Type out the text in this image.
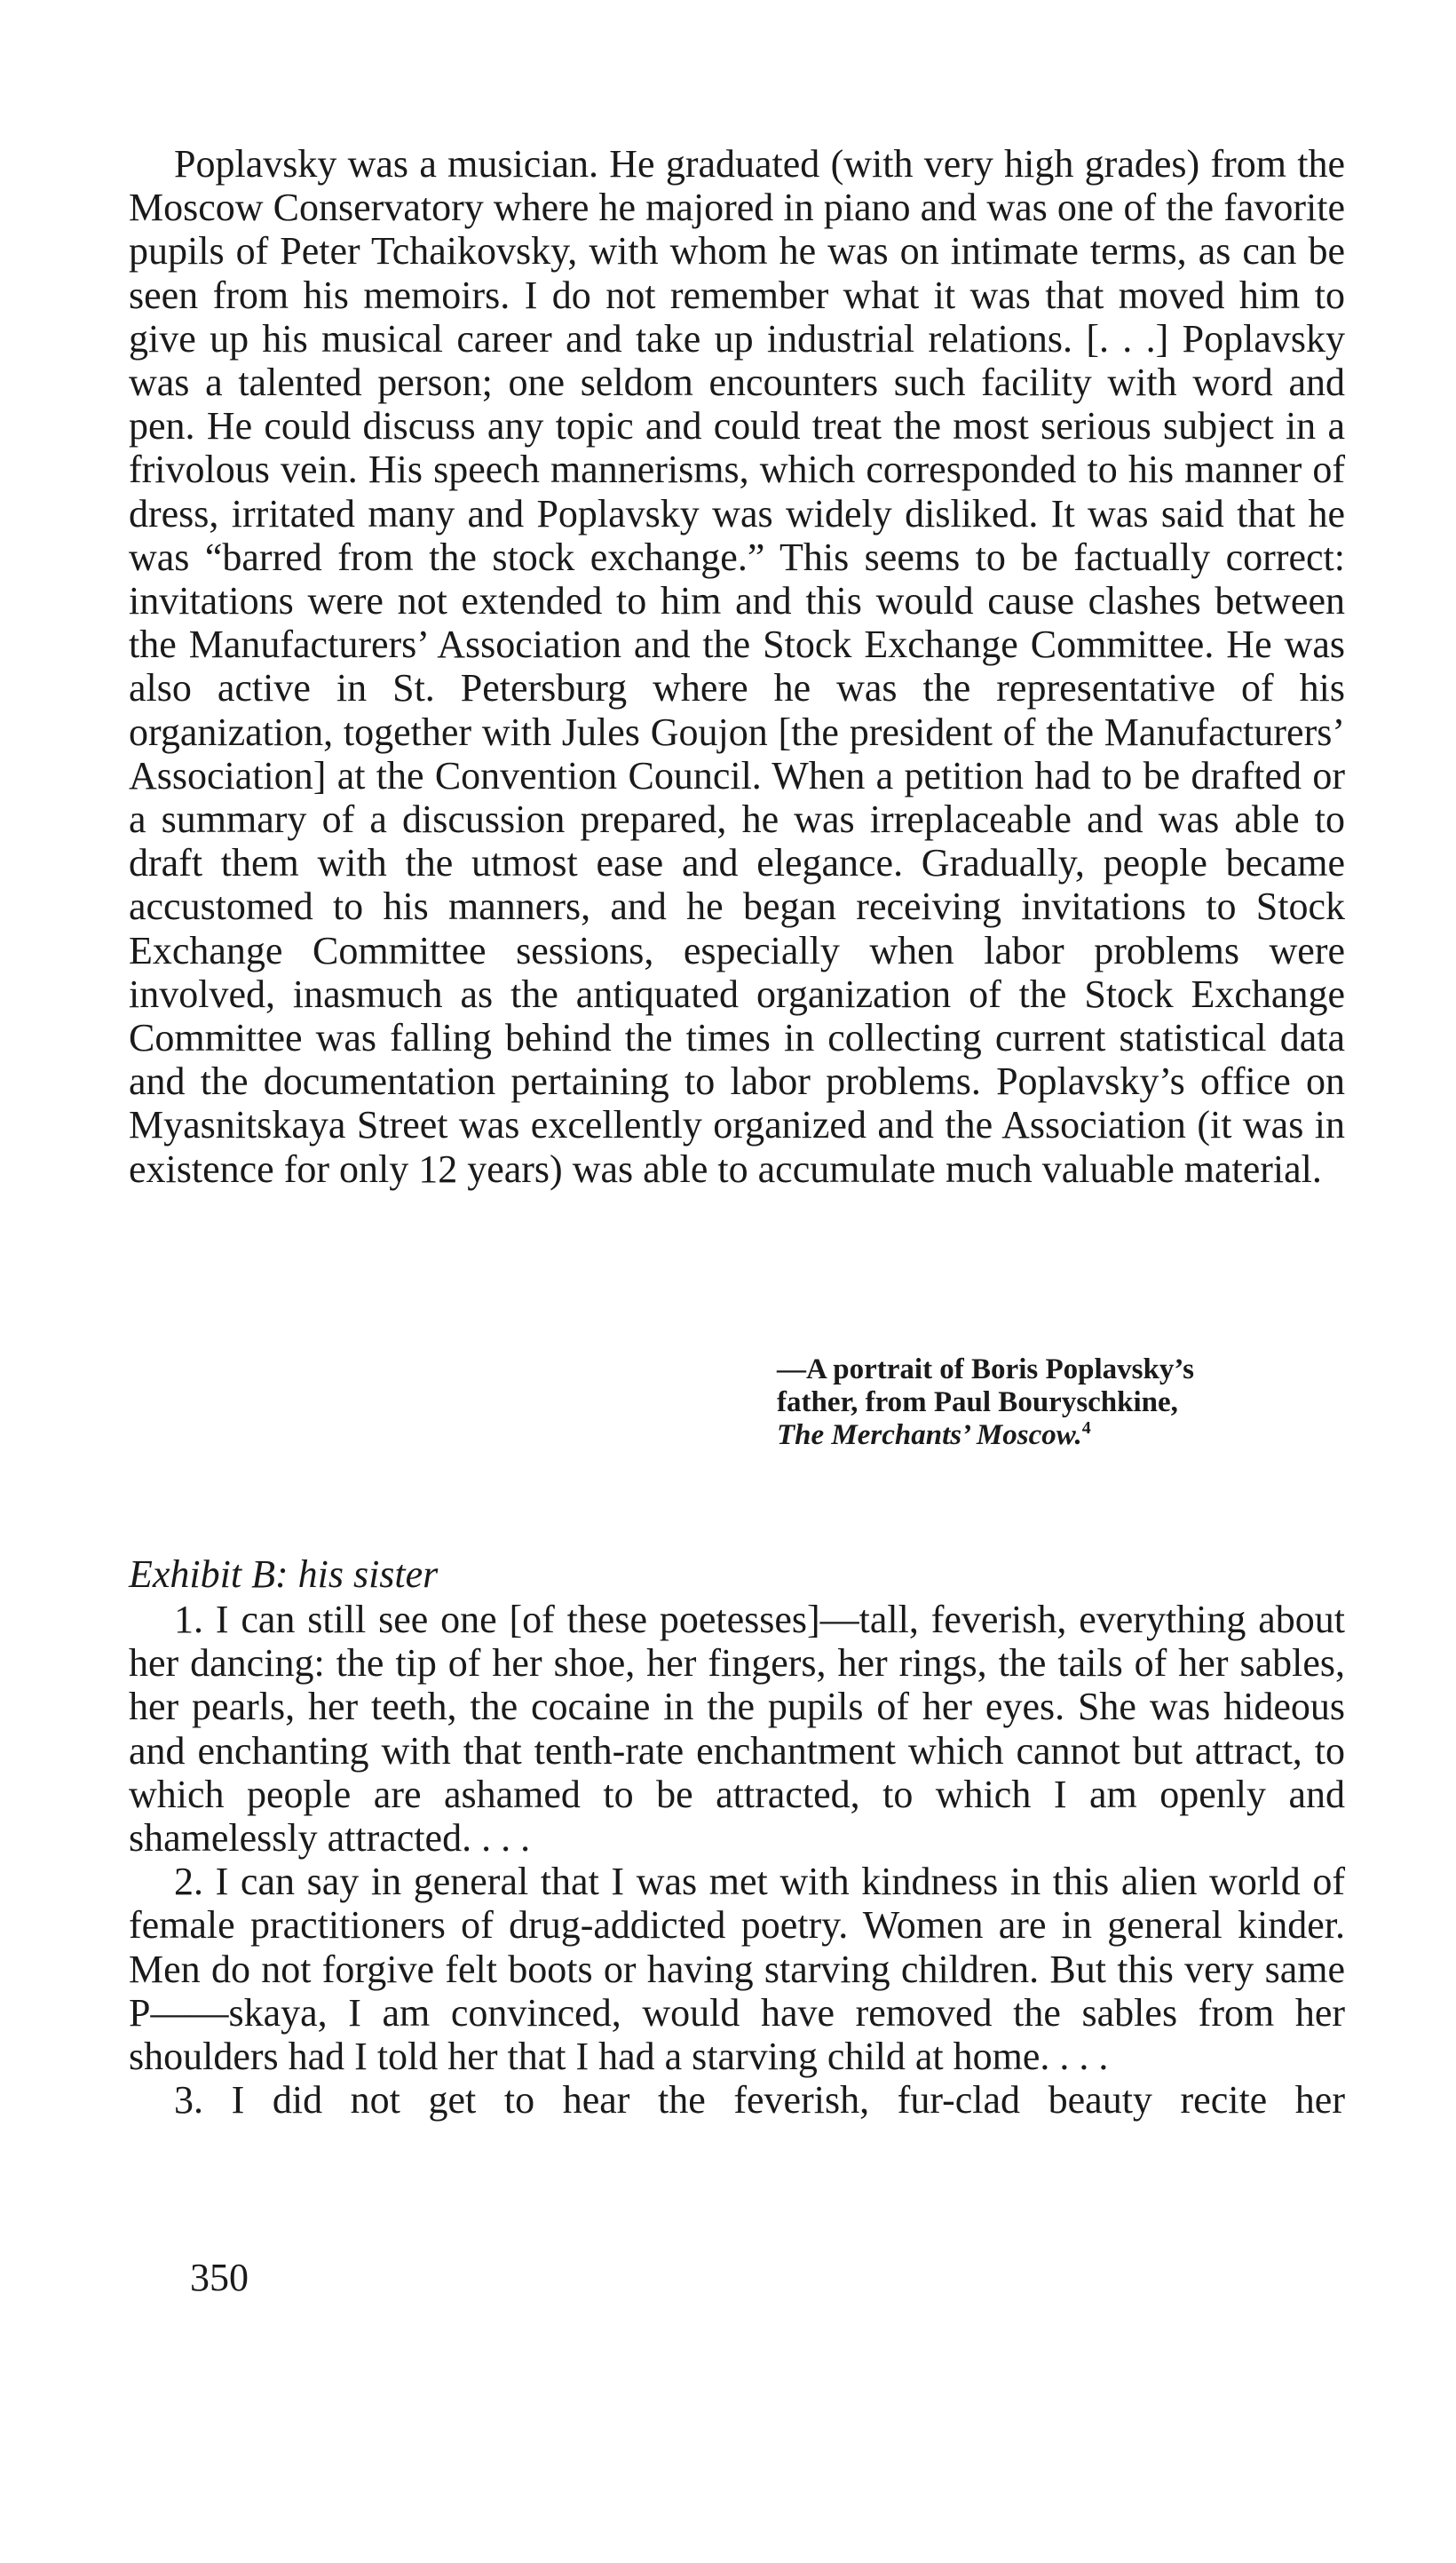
Poplavsky was a musician. He graduated (with very high grades) from the Moscow Conservatory where he majored in piano and was one of the favorite pupils of Peter Tchaikovsky, with whom he was on intimate terms, as can be seen from his memoirs. I do not remember what it was that moved him to give up his musical career and take up industrial relations. [. . .] Poplavsky was a talented person; one seldom encounters such facility with word and pen. He could discuss any topic and could treat the most serious subject in a frivolous vein. His speech mannerisms, which corresponded to his manner of dress, irritated many and Poplavsky was widely disliked. It was said that he was “barred from the stock exchange.” This seems to be factually correct: invitations were not extended to him and this would cause clashes between the Manufacturers’ Association and the Stock Exchange Committee. He was also active in St. Petersburg where he was the representative of his organization, together with Jules Goujon [the president of the Manufacturers’ Association] at the Convention Council. When a petition had to be drafted or a summary of a discussion prepared, he was irreplaceable and was able to draft them with the utmost ease and elegance. Gradually, people became accustomed to his manners, and he began receiving invitations to Stock Exchange Committee sessions, especially when labor problems were involved, inasmuch as the antiquated organization of the Stock Exchange Committee was falling behind the times in collecting current statistical data and the documentation pertaining to labor problems. Poplavsky’s office on Myasnitskaya Street was excellently organized and the Association (it was in existence for only 12 years) was able to accumulate much valuable material.

—A portrait of Boris Poplavsky’s
father, from Paul Bouryschkine,
The Merchants’ Moscow.$^4$
Exhibit B: his sister

1. I can still see one [of these poetesses]—tall, feverish, everything about her dancing: the tip of her shoe, her fingers, her rings, the tails of her sables, her pearls, her teeth, the cocaine in the pupils of her eyes. She was hideous and enchanting with that tenth-rate enchantment which cannot but attract, to which people are ashamed to be attracted, to which I am openly and shamelessly attracted. . . .

2. I can say in general that I was met with kindness in this alien world of female practitioners of drug-addicted poetry. Women are in general kinder. Men do not forgive felt boots or having starving children. But this very same P——skaya, I am convinced, would have removed the sables from her shoulders had I told her that I had a starving child at home. . . .

3. I did not get to hear the feverish, fur-clad beauty recite her

350
